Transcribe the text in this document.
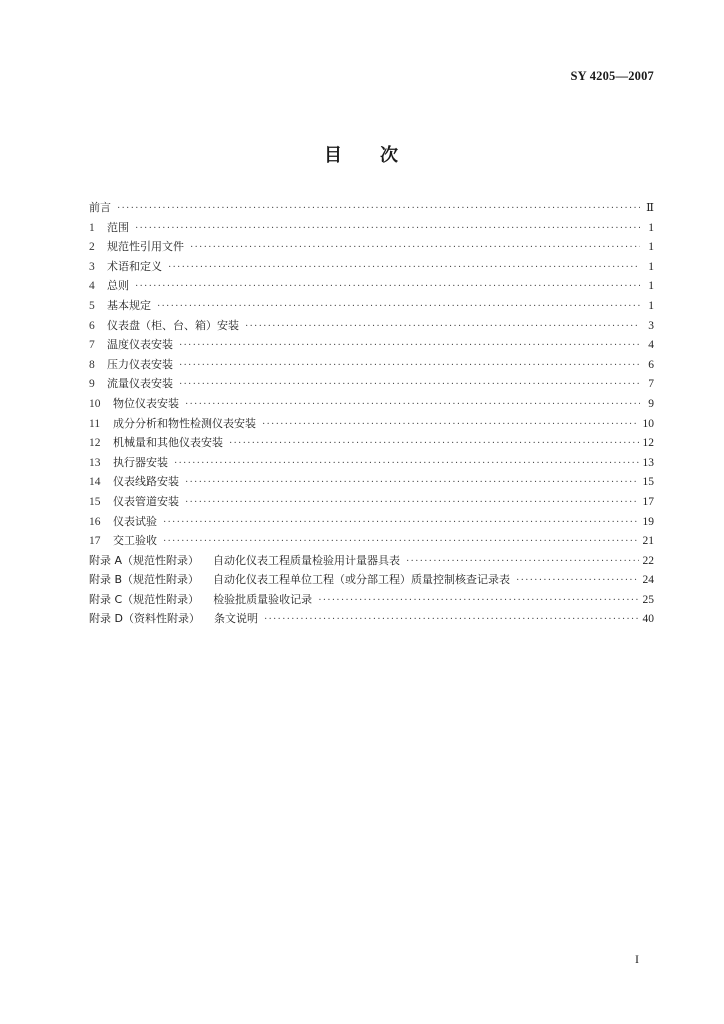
SY 4205—2007
目 次
前言 ·····	Ⅱ
1	范围 ·····	1
2	规范性引用文件 ·····	1
3	术语和定义 ·····	1
4	总则 ·····	1
5	基本规定 ·····	1
6	仪表盘（柜、台、箱）安装 ·····	3
7	温度仪表安装 ·····	4
8	压力仪表安装 ·····	6
9	流量仪表安装 ·····	7
10	物位仪表安装 ·····	9
11	成分分析和物性检测仪表安装 ·····	10
12	机械量和其他仪表安装 ·····	12
13	执行器安装 ·····	13
14	仪表线路安装 ·····	15
15	仪表管道安装 ·····	17
16	仪表试验 ·····	19
17	交工验收 ·····	21
附录 A（规范性附录） 自动化仪表工程质量检验用计量器具表 ·····	22
附录 B（规范性附录） 自动化仪表工程单位工程（或分部工程）质量控制核查记录表 ·····	24
附录 C（规范性附录） 检验批质量验收记录 ·····	25
附录 D（资料性附录） 条文说明 ·····	40
I
